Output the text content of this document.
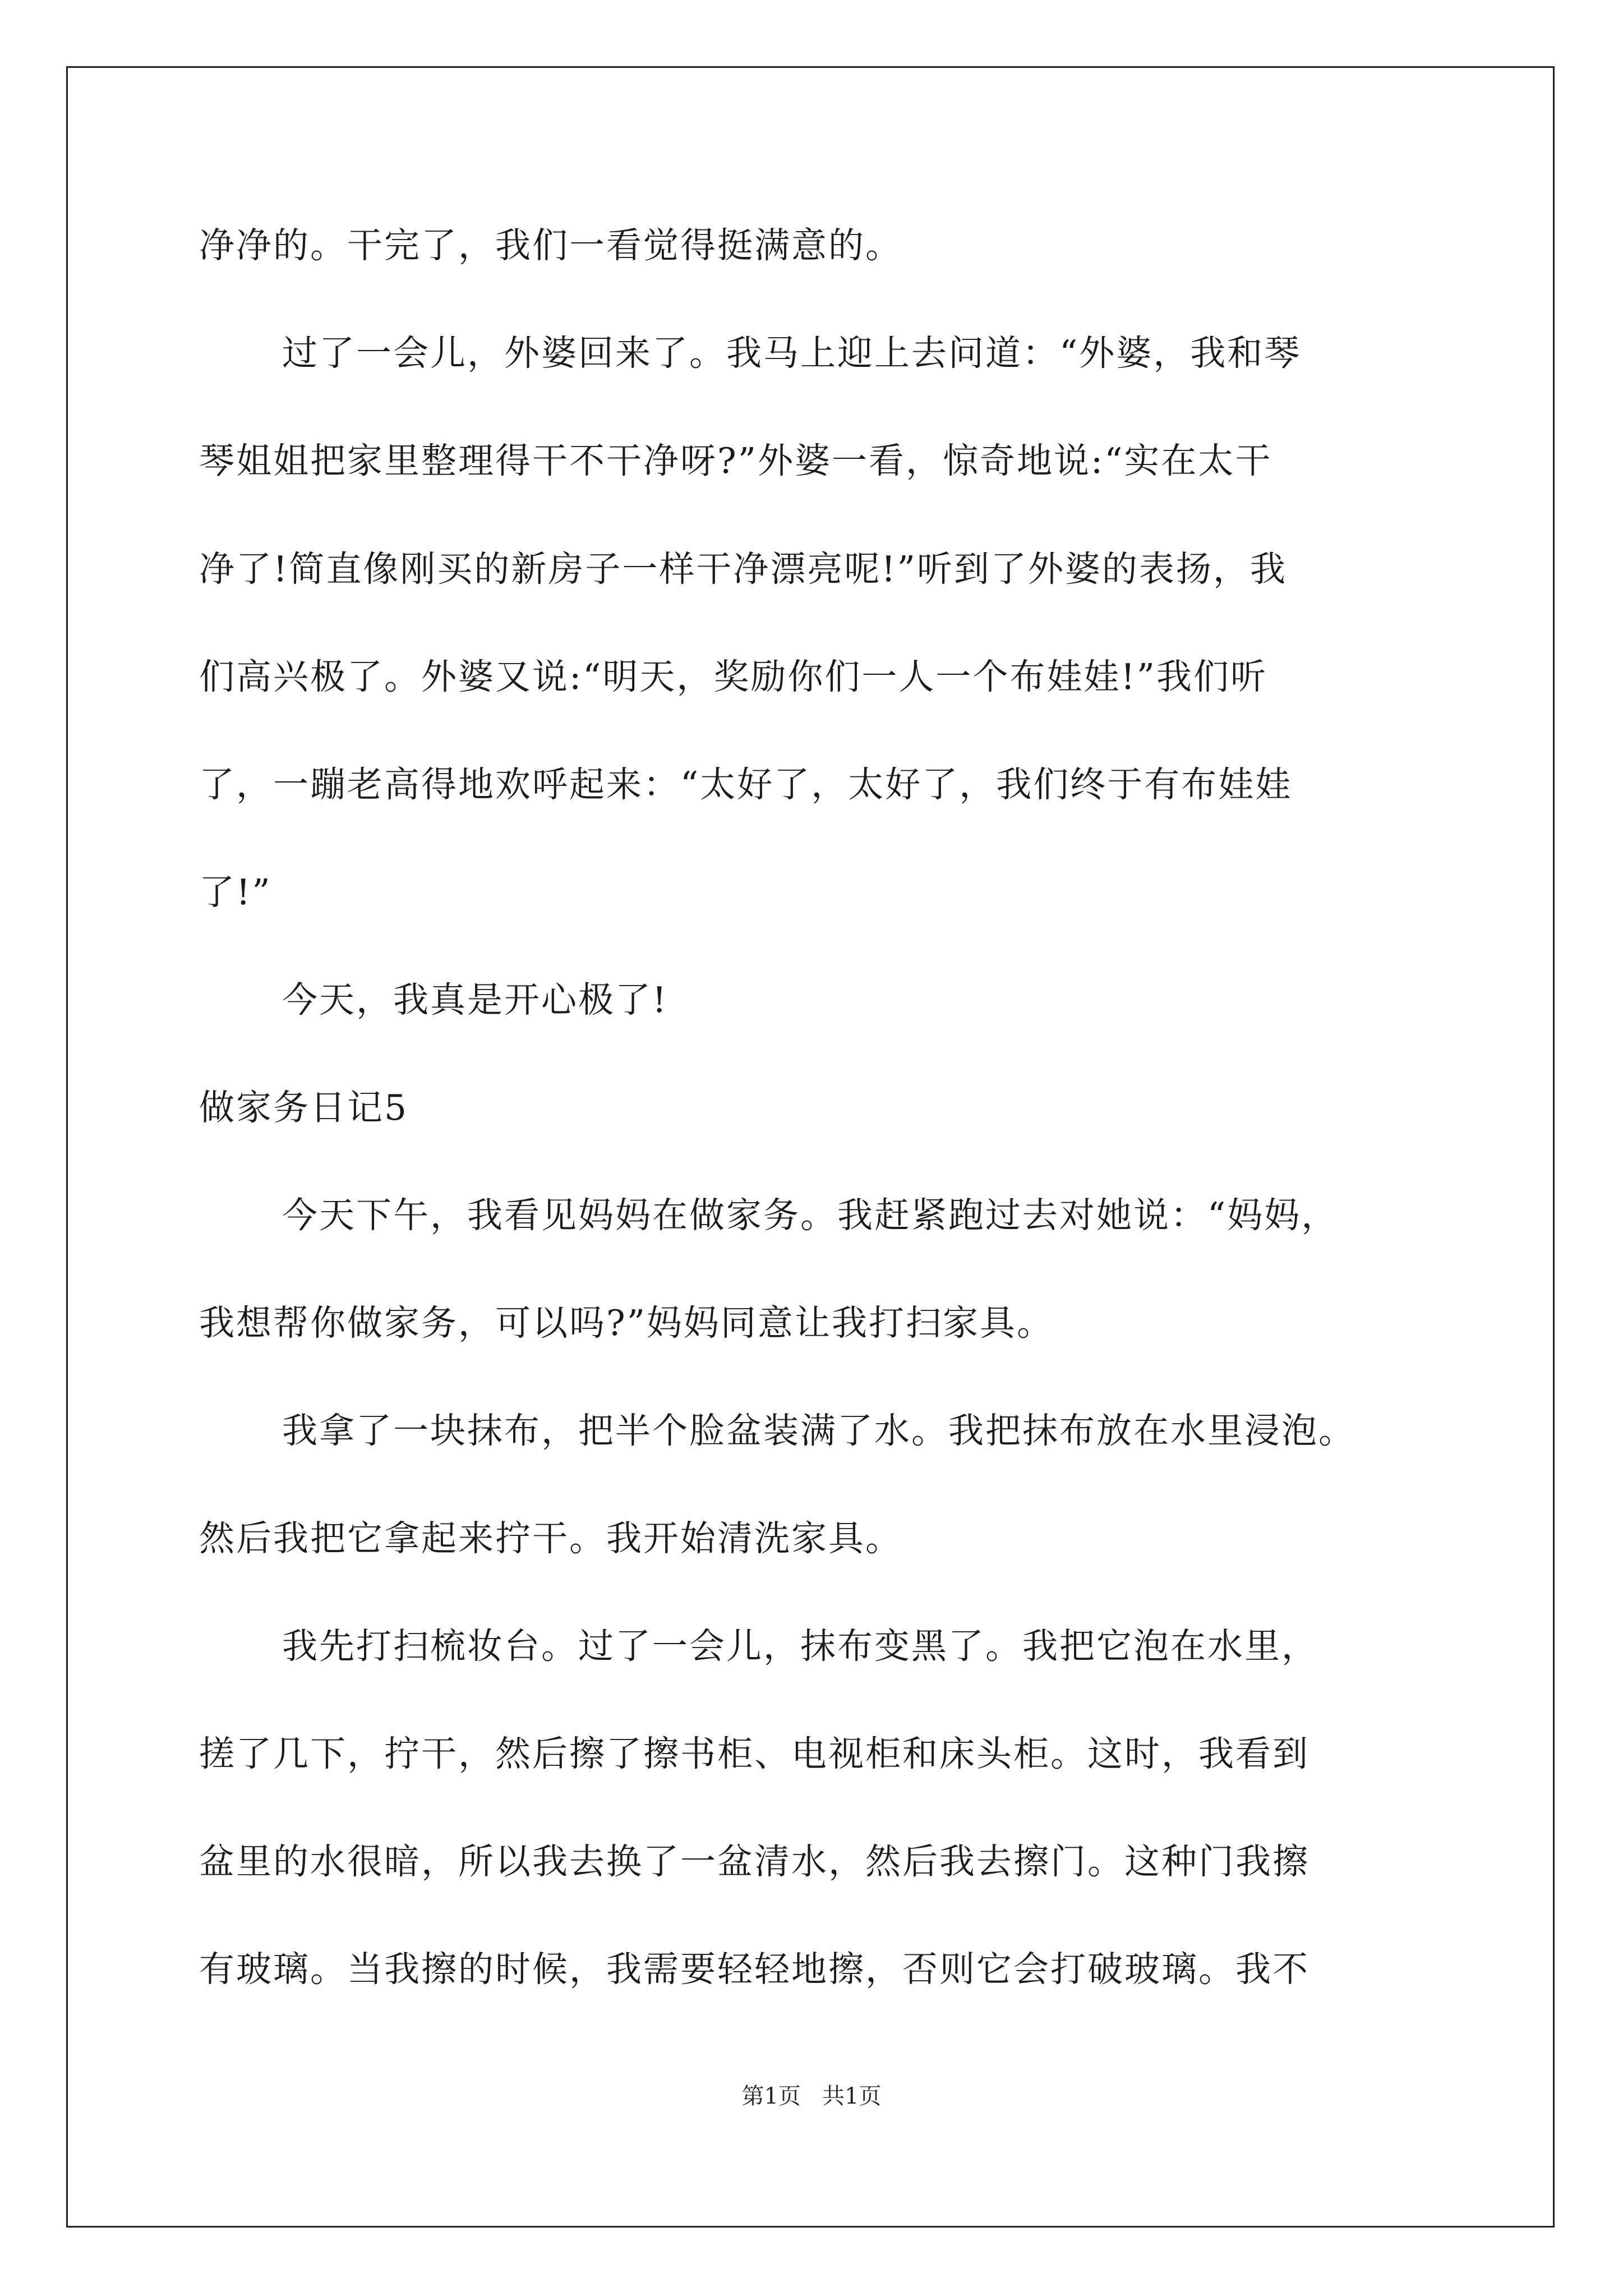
净净的。干完了，我们一看觉得挺满意的。
过了一会儿，外婆回来了。我马上迎上去问道：“外婆，我和琴
琴姐姐把家里整理得干不干净呀?”外婆一看，惊奇地说:“实在太干
净了!简直像刚买的新房子一样干净漂亮呢!”听到了外婆的表扬，我
们高兴极了。外婆又说:“明天，奖励你们一人一个布娃娃!”我们听
了，一蹦老高得地欢呼起来：“太好了，太好了，我们终于有布娃娃
了!”
今天，我真是开心极了!
做家务日记5
今天下午，我看见妈妈在做家务。我赶紧跑过去对她说：“妈妈，
我想帮你做家务，可以吗?”妈妈同意让我打扫家具。
我拿了一块抹布，把半个脸盆装满了水。我把抹布放在水里浸泡。
然后我把它拿起来拧干。我开始清洗家具。
我先打扫梳妆台。过了一会儿，抹布变黑了。我把它泡在水里，
搓了几下，拧干，然后擦了擦书柜、电视柜和床头柜。这时，我看到
盆里的水很暗，所以我去换了一盆清水，然后我去擦门。这种门我擦
有玻璃。当我擦的时候，我需要轻轻地擦，否则它会打破玻璃。我不
第1页   共1页
